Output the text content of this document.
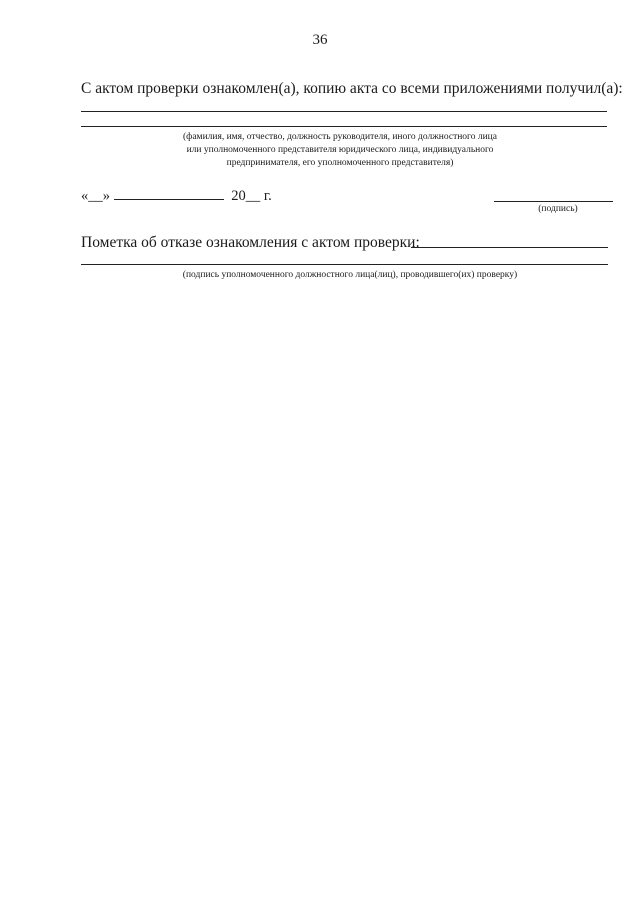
36
С актом проверки ознакомлен(а), копию акта со всеми приложениями получил(а):
(фамилия, имя, отчество, должность руководителя, иного должностного лица
или уполномоченного представителя юридического лица, индивидуального
предпринимателя, его уполномоченного представителя)
«__»	20__ г.
(подпись)
Пометка об отказе ознакомления с актом проверки:
(подпись уполномоченного должностного лица(лиц), проводившего(их) проверку)
